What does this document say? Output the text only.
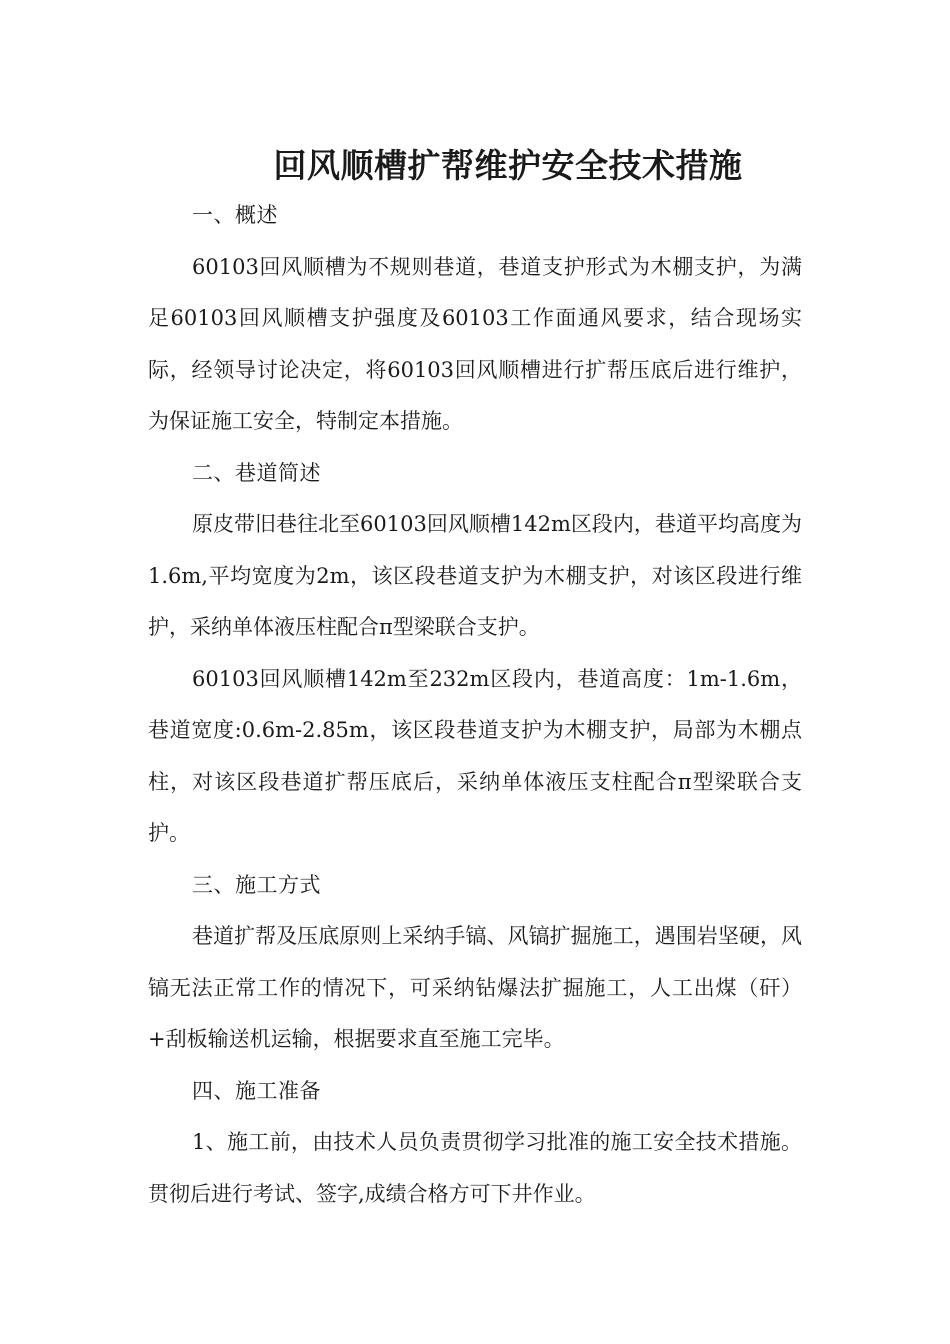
回风顺槽扩帮维护安全技术措施

一、概述

60103回风顺槽为不规则巷道，巷道支护形式为木棚支护，为满足60103回风顺槽支护强度及60103工作面通风要求，结合现场实际，经领导讨论决定，将60103回风顺槽进行扩帮压底后进行维护，为保证施工安全，特制定本措施。

二、巷道简述

原皮带旧巷往北至60103回风顺槽142m区段内，巷道平均高度为1.6m,平均宽度为2m，该区段巷道支护为木棚支护，对该区段进行维护，采纳单体液压柱配合π型梁联合支护。

60103回风顺槽142m至232m区段内，巷道高度：1m-1.6m，巷道宽度:0.6m-2.85m，该区段巷道支护为木棚支护，局部为木棚点柱，对该区段巷道扩帮压底后，采纳单体液压支柱配合π型梁联合支护。

三、施工方式

巷道扩帮及压底原则上采纳手镐、风镐扩掘施工，遇围岩坚硬，风镐无法正常工作的情况下，可采纳钻爆法扩掘施工，人工出煤（矸）+刮板输送机运输，根据要求直至施工完毕。

四、施工准备

1、施工前，由技术人员负责贯彻学习批准的施工安全技术措施。贯彻后进行考试、签字,成绩合格方可下井作业。
